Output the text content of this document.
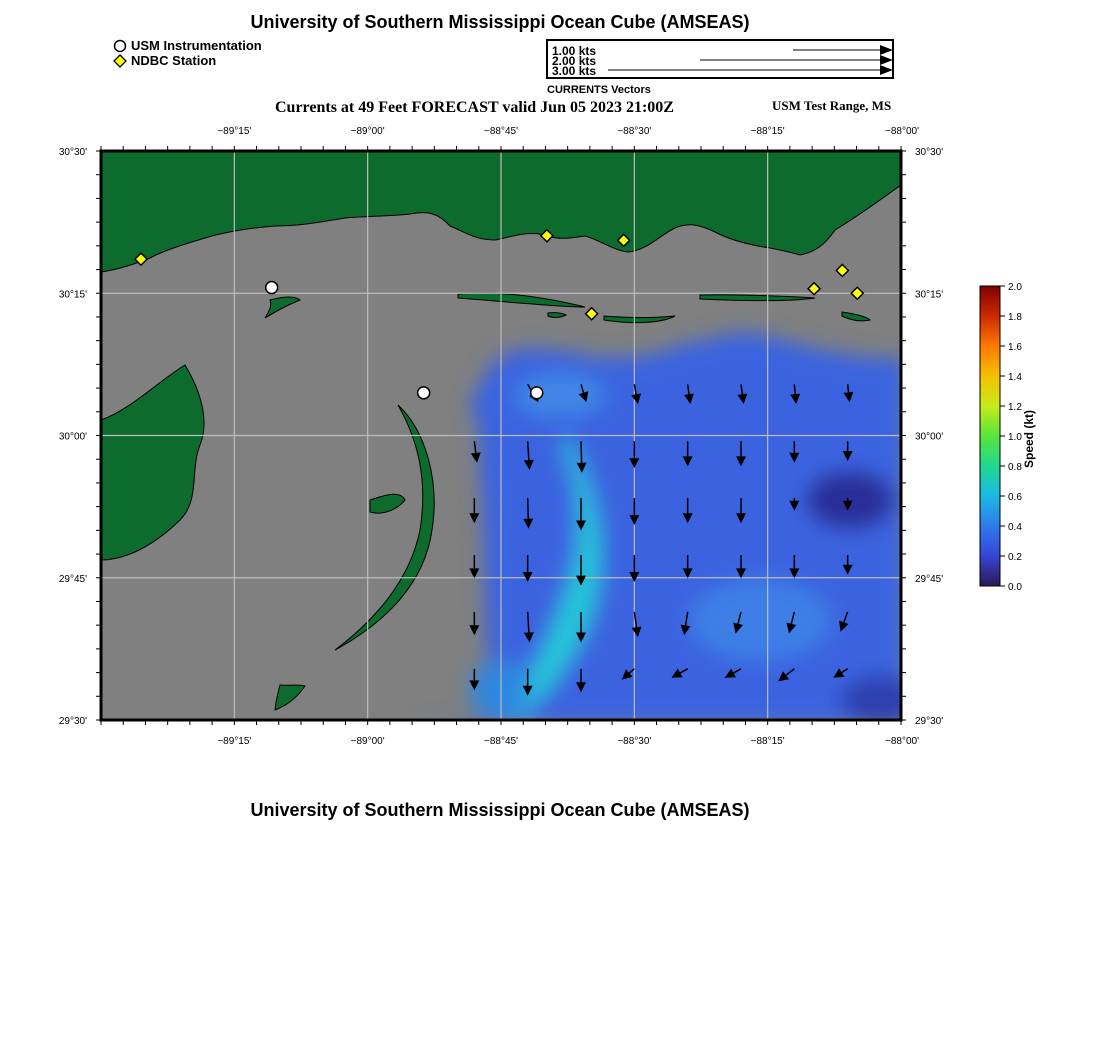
University of Southern Mississippi Ocean Cube (AMSEAS)
USM Instrumentation
NDBC Station
1.00 kts
2.00 kts
3.00 kts
CURRENTS Vectors
Currents at 49 Feet FORECAST valid Jun 05 2023 21:00Z	USM Test Range, MS
−89°15'
−89°15'
−89°00'
−89°00'
−88°45'
−88°45'
−88°30'
−88°30'
−88°15'
−88°15'
−88°00'
−88°00'
30°30'	30°30'
30°15'	30°15'
30°00'	30°00'
29°45'	29°45'
29°30'	29°30'
2.0
1.8
1.6
1.4
1.2
1.0
0.8
0.6
0.4
0.2
0.0
Speed (kt)
University of Southern Mississippi Ocean Cube (AMSEAS)
